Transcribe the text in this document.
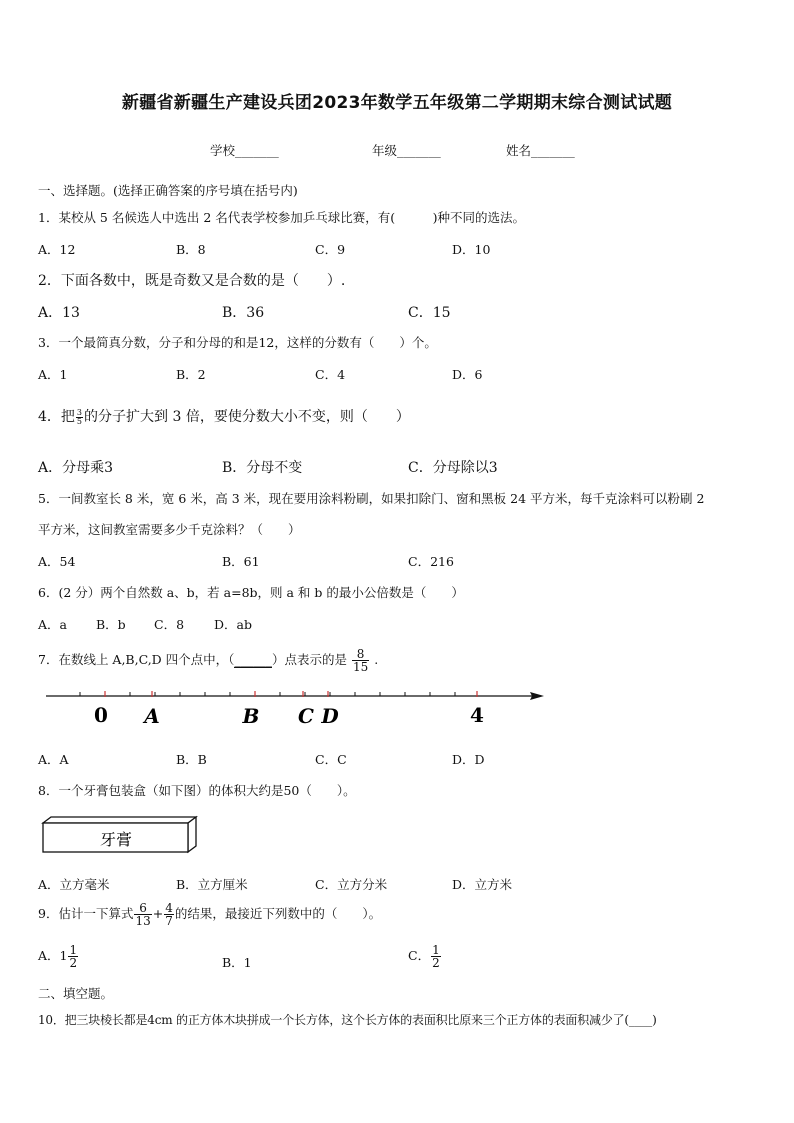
新疆省新疆生产建设兵团2023年数学五年级第二学期期末综合测试试题
学校_______	年级_______	姓名_______
一、选择题。(选择正确答案的序号填在括号内)
1．某校从 5 名候选人中选出 2 名代表学校参加乒乓球比赛，有(　　　)种不同的选法。
A．12	B．8	C．9	D．10
2．下面各数中，既是奇数又是合数的是（　　）.
A．13	B．36	C．15
3．一个最简真分数，分子和分母的和是12，这样的分数有（　　）个。
A．1	B．2	C．4	D．6
4．把 $\frac{3}{5}$ 的分子扩大到 3 倍，要使分数大小不变，则（　　）
A．分母乘3	B．分母不变	C．分母除以3
5．一间教室长 8 米，宽 6 米，高 3 米，现在要用涂料粉刷，如果扣除门、窗和黑板 24 平方米，每千克涂料可以粉刷 2
平方米，这间教室需要多少千克涂料？（　　）
A．54	B．61	C．216
6．(2 分）两个自然数 a、b，若 a=8b，则 a 和 b 的最小公倍数是（　　）
A．a B．b C．8 D．ab
7．在数线上 A,B,C,D 四个点中，（______）点表示的是 $\frac{8}{15}$ .
0 A	B C D	4
A．A	B．B	C．C	D．D
8．一个牙膏包装盒（如下图）的体积大约是50（　　）。
牙膏
A．立方毫米	B．立方厘米	C．立方分米	D．立方米
9．估计一下算式 $\frac{6}{13} + \frac{4}{7}$ 的结果，最接近下列数中的（　　）。
A．$1 \frac{1}{2}$	B．1	C． $\frac{1}{2}$
二、填空题。
10．把三块棱长都是4cm 的正方体木块拼成一个长方体，这个长方体的表面积比原来三个正方体的表面积减少了(____)
